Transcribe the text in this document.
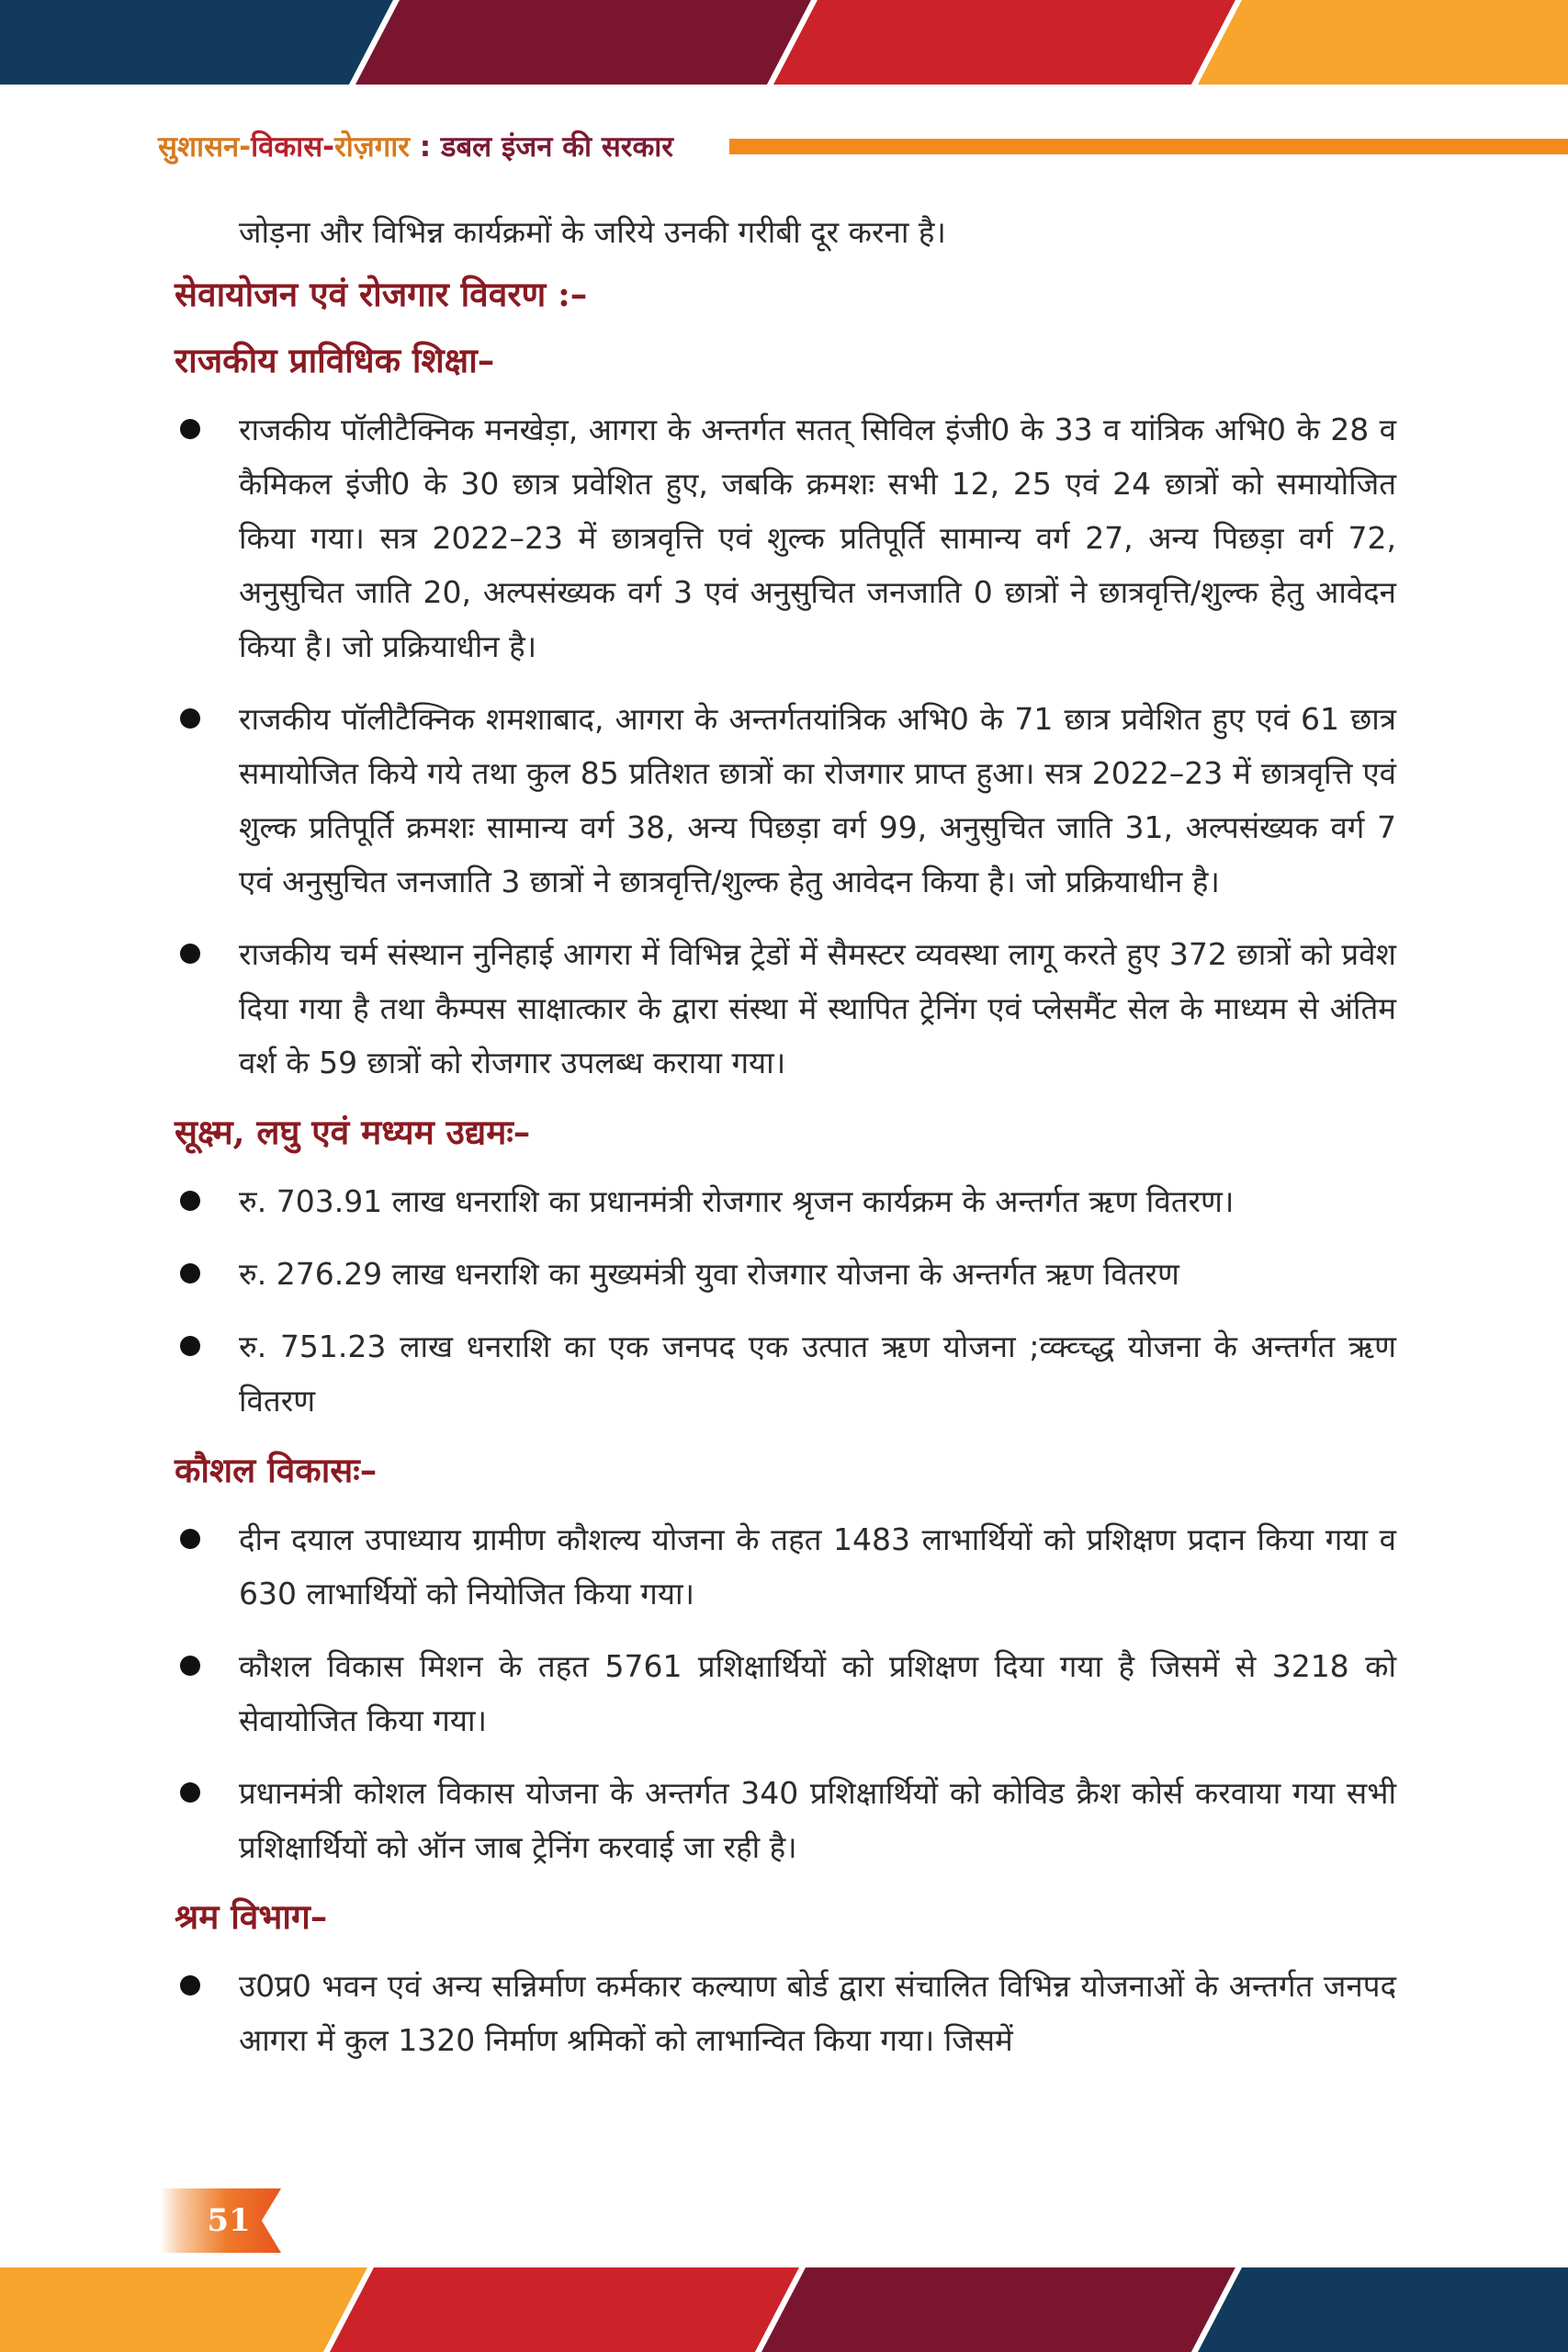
सुशासन-विकास-रोज़गार : डबल इंजन की सरकार

जोड़ना और विभिन्न कार्यक्रमों के जरिये उनकी गरीबी दूर करना है।

सेवायोजन एवं रोजगार विवरण :–
राजकीय प्राविधिक शिक्षा–
राजकीय पॉलीटैक्निक मनखेड़ा, आगरा के अन्तर्गत सतत् सिविल इंजी0 के 33 व यांत्रिक अभि0 के 28 व कैमिकल इंजी0 के 30 छात्र प्रवेशित हुए, जबकि क्रमशः सभी 12, 25 एवं 24 छात्रों को समायोजित किया गया। सत्र 2022–23 में छात्रवृत्ति एवं शुल्क प्रतिपूर्ति सामान्य वर्ग 27, अन्य पिछड़ा वर्ग 72, अनुसुचित जाति 20, अल्पसंख्यक वर्ग 3 एवं अनुसुचित जनजाति 0 छात्रों ने छात्रवृत्ति/शुल्क हेतु आवेदन किया है। जो प्रक्रियाधीन है।
राजकीय पॉलीटैक्निक शमशाबाद, आगरा के अन्तर्गतयांत्रिक अभि0 के 71 छात्र प्रवेशित हुए एवं 61 छात्र समायोजित किये गये तथा कुल 85 प्रतिशत छात्रों का रोजगार प्राप्त हुआ। सत्र 2022–23 में छात्रवृत्ति एवं शुल्क प्रतिपूर्ति क्रमशः सामान्य वर्ग 38, अन्य पिछड़ा वर्ग 99, अनुसुचित जाति 31, अल्पसंख्यक वर्ग 7 एवं अनुसुचित जनजाति 3 छात्रों ने छात्रवृत्ति/शुल्क हेतु आवेदन किया है। जो प्रक्रियाधीन है।
राजकीय चर्म संस्थान नुनिहाई आगरा में विभिन्न ट्रेडों में सैमस्टर व्यवस्था लागू करते हुए 372 छात्रों को प्रवेश दिया गया है तथा कैम्पस साक्षात्कार के द्वारा संस्था में स्थापित ट्रेनिंग एवं प्लेसमैंट सेल के माध्यम से अंतिम वर्श के 59 छात्रों को रोजगार उपलब्ध कराया गया।
सूक्ष्म, लघु एवं मध्यम उद्यमः–
रु. 703.91 लाख धनराशि का प्रधानमंत्री रोजगार श्रृजन कार्यक्रम के अन्तर्गत ऋण वितरण।
रु. 276.29 लाख धनराशि का मुख्यमंत्री युवा रोजगार योजना के अन्तर्गत ऋण वितरण
रु. 751.23 लाख धनराशि का एक जनपद एक उत्पात ऋण योजना ;व्क्व्च्द्ध योजना के अन्तर्गत ऋण वितरण
कौशल विकासः–
दीन दयाल उपाध्याय ग्रामीण कौशल्य योजना के तहत 1483 लाभार्थियों को प्रशिक्षण प्रदान किया गया व 630 लाभार्थियों को नियोजित किया गया।
कौशल विकास मिशन के तहत 5761 प्रशिक्षार्थियों को प्रशिक्षण दिया गया है जिसमें से 3218 को सेवायोजित किया गया।
प्रधानमंत्री कोशल विकास योजना के अन्तर्गत 340 प्रशिक्षार्थियों को कोविड क्रैश कोर्स करवाया गया सभी प्रशिक्षार्थियों को ऑन जाब ट्रेनिंग करवाई जा रही है।
श्रम विभाग–
उ0प्र0 भवन एवं अन्य सन्निर्माण कर्मकार कल्याण बोर्ड द्वारा संचालित विभिन्न योजनाओं के अन्तर्गत जनपद आगरा में कुल 1320 निर्माण श्रमिकों को लाभान्वित किया गया। जिसमें
51
